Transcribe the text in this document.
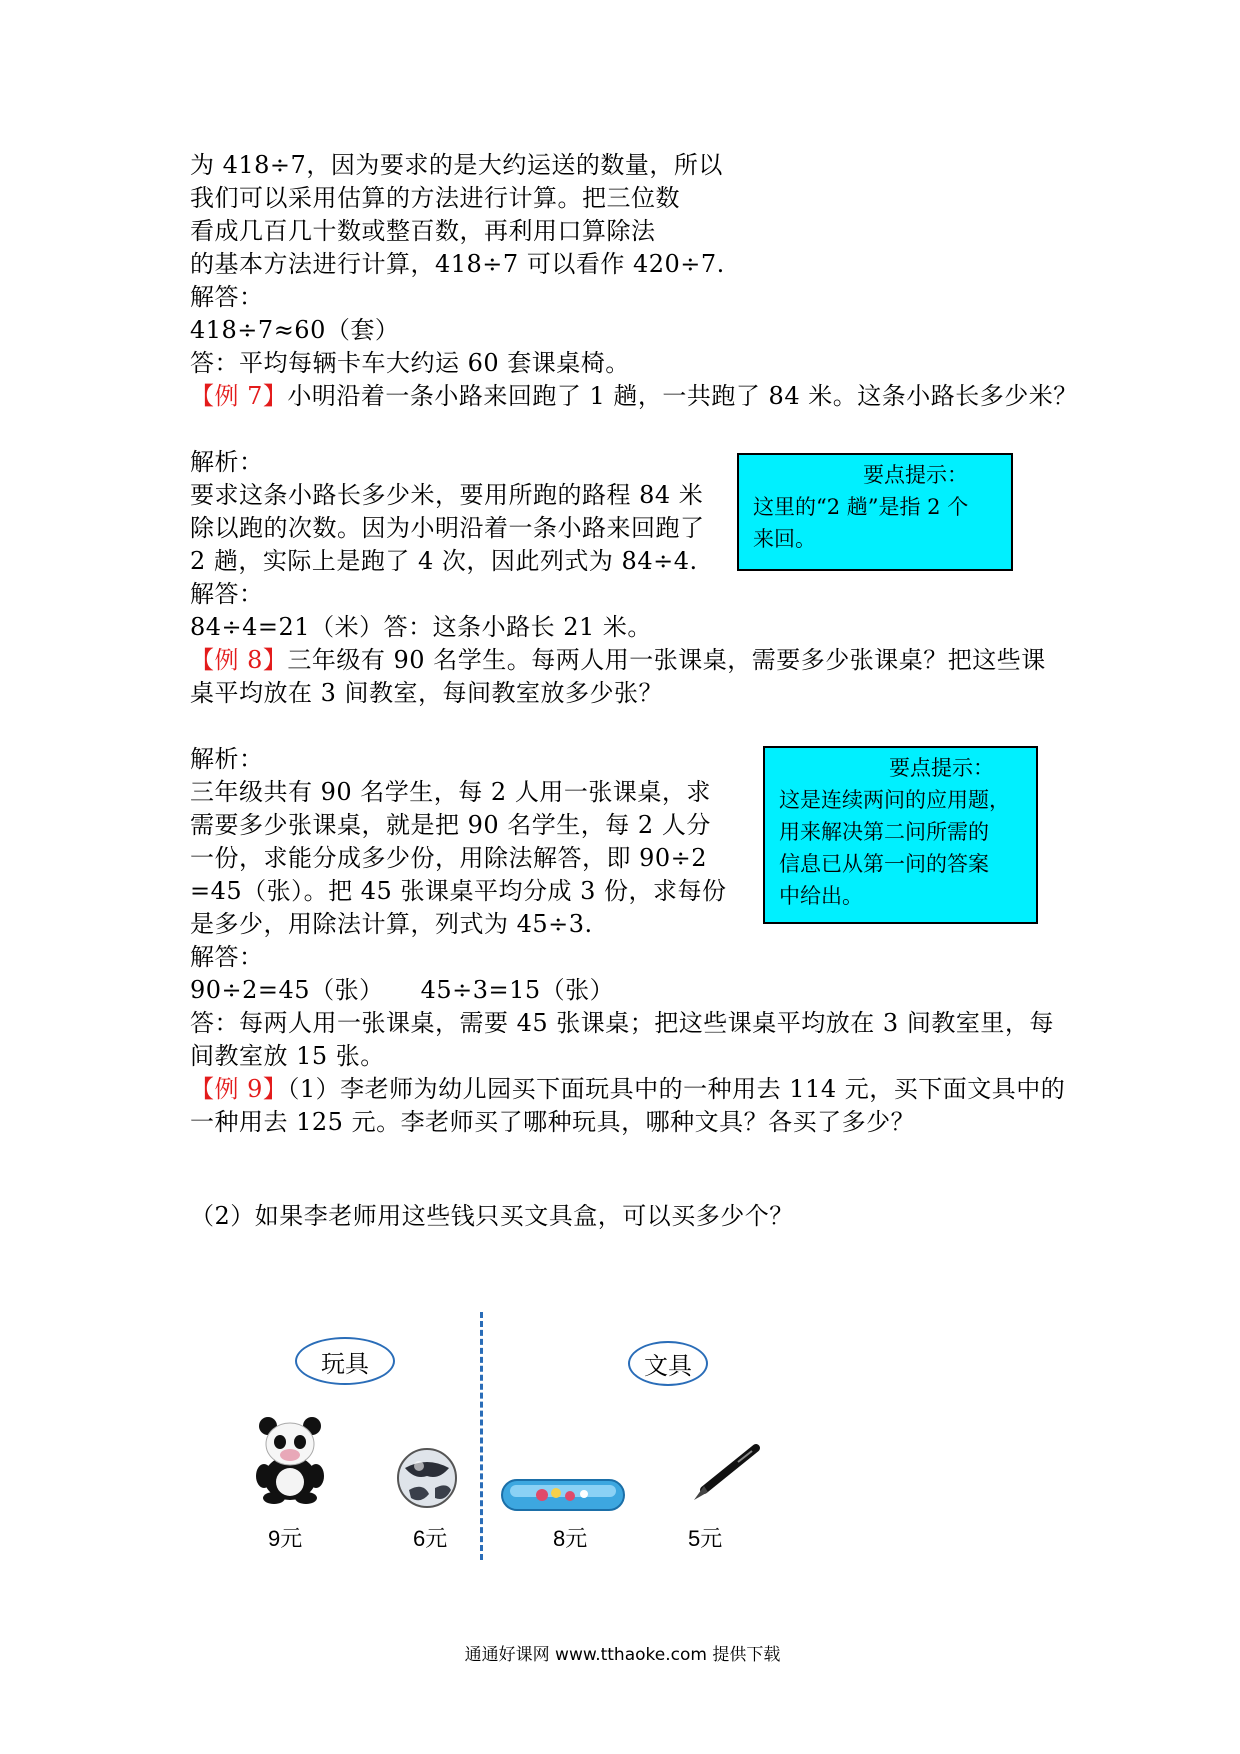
为 418÷7，因为要求的是大约运送的数量，所以
我们可以采用估算的方法进行计算。把三位数
看成几百几十数或整百数，再利用口算除法
的基本方法进行计算，418÷7 可以看作 420÷7.
解答：
418÷7≈60（套）
答：平均每辆卡车大约运 60 套课桌椅。
【例 7】小明沿着一条小路来回跑了 1 趟，一共跑了 84 米。这条小路长多少米？
解析：
要求这条小路长多少米，要用所跑的路程 84 米
除以跑的次数。因为小明沿着一条小路来回跑了
2 趟，实际上是跑了 4 次，因此列式为 84÷4.
解答：
84÷4=21（米）答：这条小路长 21 米。
要点提示：
这里的“2 趟”是指 2 个
来回。
【例 8】三年级有 90 名学生。每两人用一张课桌，需要多少张课桌？把这些课
桌平均放在 3 间教室，每间教室放多少张？
解析：
三年级共有 90 名学生，每 2 人用一张课桌，求
需要多少张课桌，就是把 90 名学生，每 2 人分
一份，求能分成多少份，用除法解答，即 90÷2
=45（张）。把 45 张课桌平均分成 3 份，求每份
是多少，用除法计算，列式为 45÷3.
解答：
90÷2=45（张）　　45÷3=15（张）
答：每两人用一张课桌，需要 45 张课桌；把这些课桌平均放在 3 间教室里，每
间教室放 15 张。
要点提示：
这是连续两问的应用题，
用来解决第二问所需的
信息已从第一问的答案
中给出。
【例 9】（1）李老师为幼儿园买下面玩具中的一种用去 114 元，买下面文具中的
一种用去 125 元。李老师买了哪种玩具，哪种文具？各买了多少？
（2）如果李老师用这些钱只买文具盒，可以买多少个？
玩具	文具
9元	6元	8元	5元
通通好课网 www.tthaoke.com 提供下载
